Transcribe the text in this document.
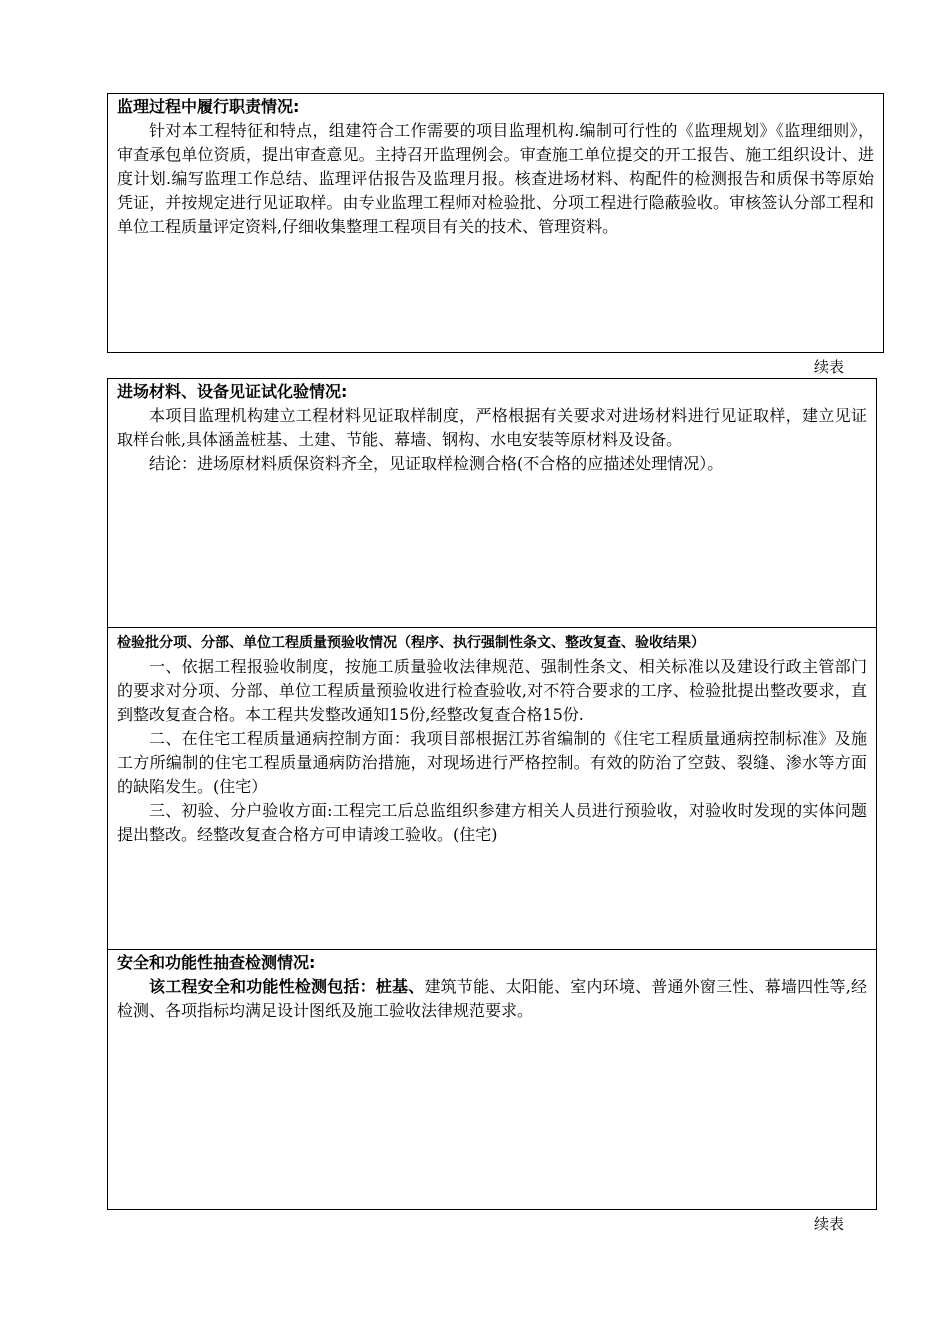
监理过程中履行职责情况:

针对本工程特征和特点，组建符合工作需要的项目监理机构.编制可行性的《监理规划》《监理细则》，审查承包单位资质，提出审查意见。主持召开监理例会。审查施工单位提交的开工报告、施工组织设计、进度计划.编写监理工作总结、监理评估报告及监理月报。核查进场材料、构配件的检测报告和质保书等原始凭证，并按规定进行见证取样。由专业监理工程师对检验批、分项工程进行隐蔽验收。审核签认分部工程和单位工程质量评定资料,仔细收集整理工程项目有关的技术、管理资料。

续表

进场材料、设备见证试化验情况:

本项目监理机构建立工程材料见证取样制度，严格根据有关要求对进场材料进行见证取样，建立见证取样台帐,具体涵盖桩基、土建、节能、幕墙、钢构、水电安装等原材料及设备。

结论：进场原材料质保资料齐全，见证取样检测合格(不合格的应描述处理情况）。

检验批分项、分部、单位工程质量预验收情况（程序、执行强制性条文、整改复查、验收结果）

一、依据工程报验收制度，按施工质量验收法律规范、强制性条文、相关标准以及建设行政主管部门的要求对分项、分部、单位工程质量预验收进行检查验收,对不符合要求的工序、检验批提出整改要求，直到整改复查合格。本工程共发整改通知15份,经整改复查合格15份.

二、在住宅工程质量通病控制方面：我项目部根据江苏省编制的《住宅工程质量通病控制标准》及施工方所编制的住宅工程质量通病防治措施，对现场进行严格控制。有效的防治了空鼓、裂缝、渗水等方面的缺陷发生。(住宅）

三、初验、分户验收方面:工程完工后总监组织参建方相关人员进行预验收，对验收时发现的实体问题提出整改。经整改复查合格方可申请竣工验收。(住宅)

安全和功能性抽查检测情况:

该工程安全和功能性检测包括：桩基、建筑节能、太阳能、室内环境、普通外窗三性、幕墙四性等,经检测、各项指标均满足设计图纸及施工验收法律规范要求。

续表
